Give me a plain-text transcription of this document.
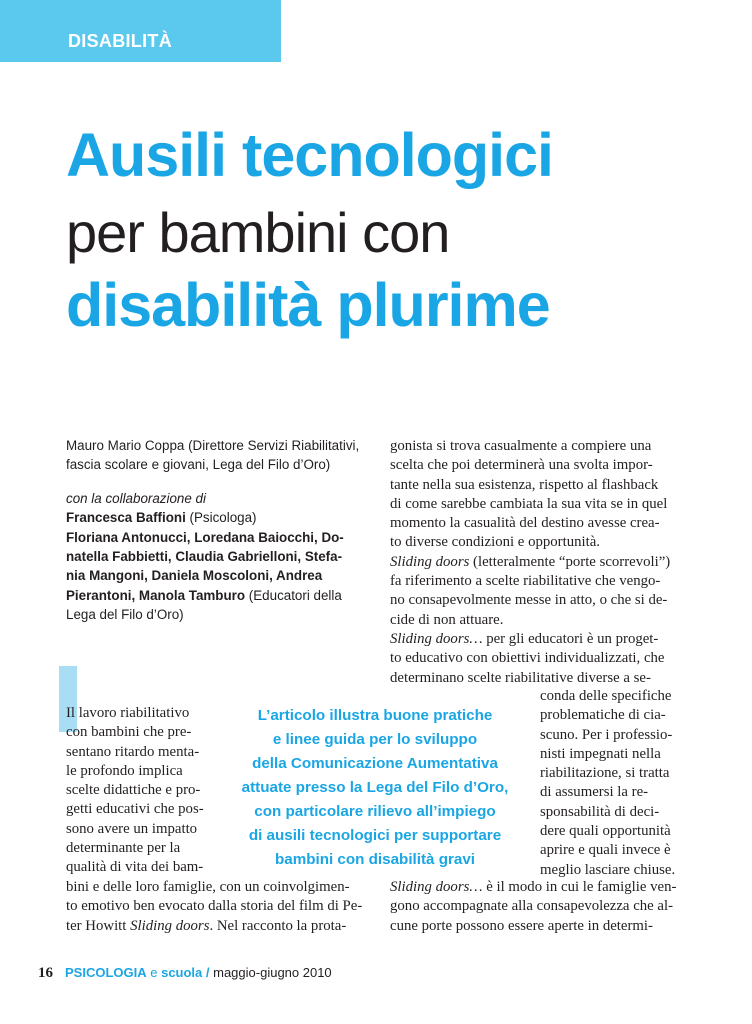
DISABILITÀ
Ausili tecnologici
per bambini con
disabilità plurime
Mauro Mario Coppa (Direttore Servizi Riabilitativi,
fascia scolare e giovani, Lega del Filo d’Oro)
con la collaborazione di
Francesca Baffioni (Psicologa)
Floriana Antonucci, Loredana Baiocchi, Do-
natella Fabbietti, Claudia Gabrielloni, Stefa-
nia Mangoni, Daniela Moscoloni, Andrea
Pierantoni, Manola Tamburo (Educatori della
Lega del Filo d’Oro)
gonista si trova casualmente a compiere una
scelta che poi determinerà una svolta impor-
tante nella sua esistenza, rispetto al flashback
di come sarebbe cambiata la sua vita se in quel
momento la casualità del destino avesse crea-
to diverse condizioni e opportunità.
Sliding doors (letteralmente “porte scorrevoli”)
fa riferimento a scelte riabilitative che vengo-
no consapevolmente messe in atto, o che si de-
cide di non attuare.
Sliding doors… per gli educatori è un proget-
to educativo con obiettivi individualizzati, che
determinano scelte riabilitative diverse a se-
Il lavoro riabilitativo
con bambini che pre-
sentano ritardo menta-
le profondo implica
scelte didattiche e pro-
getti educativi che pos-
sono avere un impatto
determinante per la
qualità di vita dei bam-
L’articolo illustra buone pratiche
e linee guida per lo sviluppo
della Comunicazione Aumentativa
attuate presso la Lega del Filo d’Oro,
con particolare rilievo all’impiego
di ausili tecnologici per supportare
bambini con disabilità gravi
conda delle specifiche
problematiche di cia-
scuno. Per i professio-
nisti impegnati nella
riabilitazione, si tratta
di assumersi la re-
sponsabilità di deci-
dere quali opportunità
aprire e quali invece è
meglio lasciare chiuse.
bini e delle loro famiglie, con un coinvolgimen-
to emotivo ben evocato dalla storia del film di Pe-
ter Howitt Sliding doors. Nel racconto la prota-
Sliding doors… è il modo in cui le famiglie ven-
gono accompagnate alla consapevolezza che al-
cune porte possono essere aperte in determi-
16 PSICOLOGIA e scuola / maggio-giugno 2010
